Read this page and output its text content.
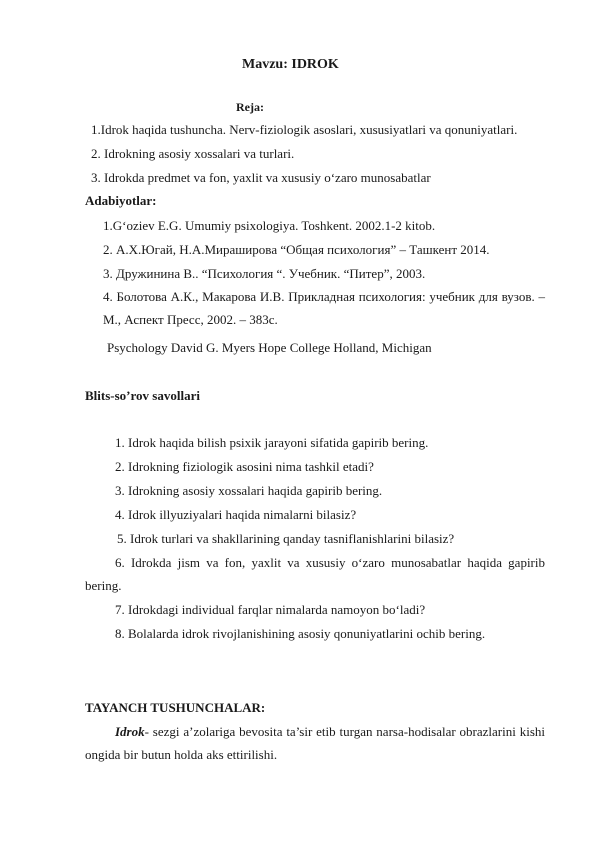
Mavzu: IDROK
Reja:
1.Idrok haqida tushuncha. Nerv-fiziologik asoslari, xususiyatlari va qonuniyatlari.
2. Idrokning asosiy xossalari va turlari.
3. Idrokda predmet va fon, yaxlit va xususiy o‘zaro munosabatlar
Adabiyotlar:
1.G‘oziev E.G. Umumiy psixologiya. Toshkent. 2002.1-2 kitob.
2. А.Х.Югай, Н.А.Мирашировa “Общая психология” – Ташкент 2014.
3. Дружинина В.. “Психология “. Учебник. “Питер”, 2003.
4. Болотова А.К., Макарова И.В. Прикладная психология: учебник для вузов. –М., Аспект Пресс, 2002. – 383с.
Psychology David G. Myers Hope College Holland, Michigan
Blits-so’rov savollari
1. Idrok haqida bilish psixik jarayoni sifatida gapirib bering.
2. Idrokning fiziologik asosini nima tashkil etadi?
3. Idrokning asosiy xossalari haqida gapirib bering.
4. Idrok illyuziyalari haqida nimalarni bilasiz?
5. Idrok turlari va shakllarining qanday tasniflanishlarini bilasiz?
6. Idrokda jism va fon, yaxlit va xususiy o‘zaro munosabatlar haqida gapirib bering.
7. Idrokdagi individual farqlar nimalarda namoyon bo‘ladi?
8. Bolalarda idrok rivojlanishining asosiy qonuniyatlarini ochib bering.
TAYANCH TUSHUNCHALAR:
Idrok- sezgi a’zolariga bevosita ta’sir etib turgan narsa-hodisalar obrazlarini kishi ongida bir butun holda aks ettirilishi.
